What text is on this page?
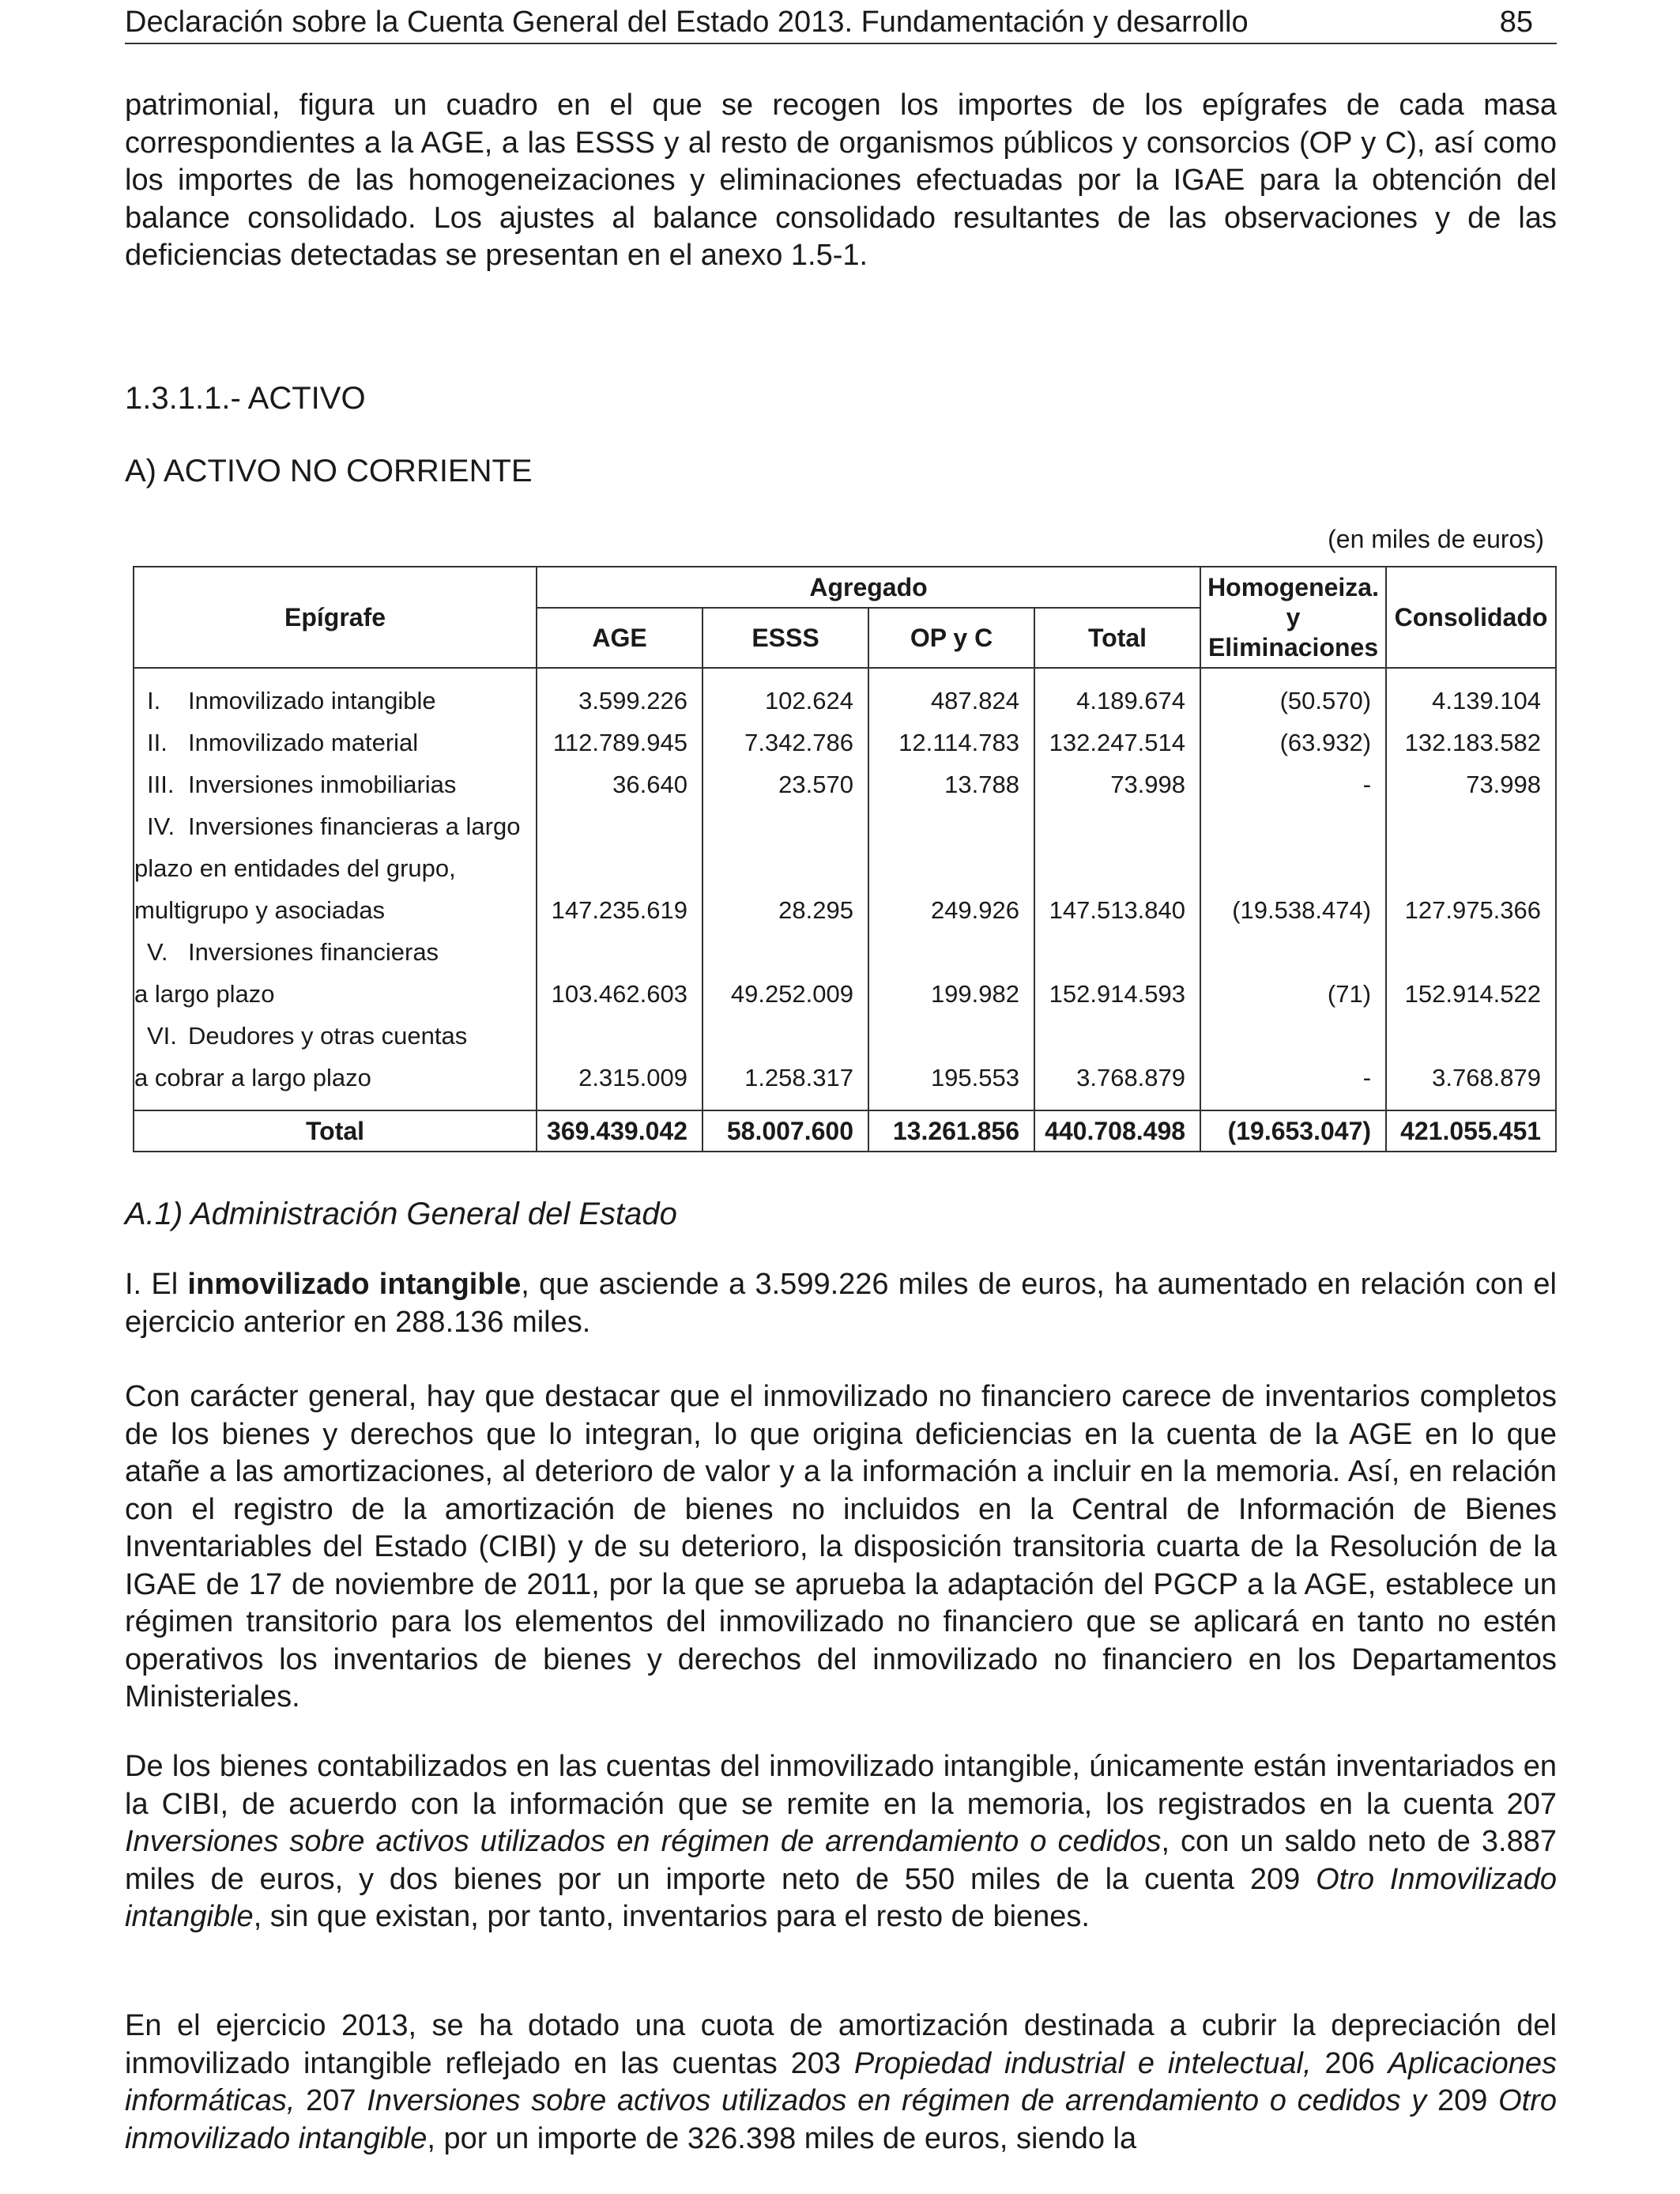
Declaración sobre la Cuenta General del Estado 2013. Fundamentación y desarrollo	85

patrimonial, figura un cuadro en el que se recogen los importes de los epígrafes de cada masa correspondientes a la AGE, a las ESSS y al resto de organismos públicos y consorcios (OP y C), así como los importes de las homogeneizaciones y eliminaciones efectuadas por la IGAE para la obtención del balance consolidado. Los ajustes al balance consolidado resultantes de las observaciones y de las deficiencias detectadas se presentan en el anexo 1.5-1.

1.3.1.1.- ACTIVO
A) ACTIVO NO CORRIENTE
(en miles de euros)
Epígrafe	Agregado				Homogeneiza.
y
Eliminaciones	Consolidado
	AGE	ESSS	OP y C	Total		
I. Inmovilizado intangible	3.599.226	102.624	487.824	4.189.674	(50.570)	4.139.104
II. Inmovilizado material	112.789.945	7.342.786	12.114.783	132.247.514	(63.932)	132.183.582
III. Inversiones inmobiliarias	36.640	23.570	13.788	73.998	-	73.998
IV. Inversiones financieras a largo						
plazo en entidades del grupo,						
multigrupo y asociadas	147.235.619	28.295	249.926	147.513.840	(19.538.474)	127.975.366
V. Inversiones financieras						
a largo plazo	103.462.603	49.252.009	199.982	152.914.593	(71)	152.914.522
VI. Deudores y otras cuentas						
a cobrar a largo plazo	2.315.009	1.258.317	195.553	3.768.879	-	3.768.879
Total	369.439.042	58.007.600	13.261.856	440.708.498	(19.653.047)	421.055.451
A.1) Administración General del Estado

I. El inmovilizado intangible, que asciende a 3.599.226 miles de euros, ha aumentado en relación con el ejercicio anterior en 288.136 miles.

Con carácter general, hay que destacar que el inmovilizado no financiero carece de inventarios completos de los bienes y derechos que lo integran, lo que origina deficiencias en la cuenta de la AGE en lo que atañe a las amortizaciones, al deterioro de valor y a la información a incluir en la memoria. Así, en relación con el registro de la amortización de bienes no incluidos en la Central de Información de Bienes Inventariables del Estado (CIBI) y de su deterioro, la disposición transitoria cuarta de la Resolución de la IGAE de 17 de noviembre de 2011, por la que se aprueba la adaptación del PGCP a la AGE, establece un régimen transitorio para los elementos del inmovilizado no financiero que se aplicará en tanto no estén operativos los inventarios de bienes y derechos del inmovilizado no financiero en los Departamentos Ministeriales.

De los bienes contabilizados en las cuentas del inmovilizado intangible, únicamente están inventariados en la CIBI, de acuerdo con la información que se remite en la memoria, los registrados en la cuenta 207 Inversiones sobre activos utilizados en régimen de arrendamiento o cedidos, con un saldo neto de 3.887 miles de euros, y dos bienes por un importe neto de 550 miles de la cuenta 209 Otro Inmovilizado intangible, sin que existan, por tanto, inventarios para el resto de bienes.

En el ejercicio 2013, se ha dotado una cuota de amortización destinada a cubrir la depreciación del inmovilizado intangible reflejado en las cuentas 203 Propiedad industrial e intelectual, 206 Aplicaciones informáticas, 207 Inversiones sobre activos utilizados en régimen de arrendamiento o cedidos y 209 Otro inmovilizado intangible, por un importe de 326.398 miles de euros, siendo la
